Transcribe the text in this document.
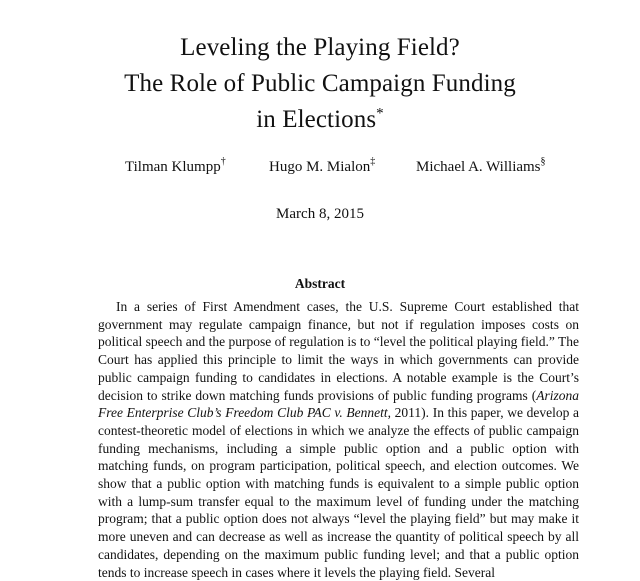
Leveling the Playing Field?
The Role of Public Campaign Funding
in Elections*
Tilman Klumpp†	Hugo M. Mialon‡	Michael A. Williams§
March 8, 2015
Abstract
In a series of First Amendment cases, the U.S. Supreme Court established that government may regulate campaign finance, but not if regulation imposes costs on political speech and the purpose of regulation is to “level the political playing field.” The Court has applied this principle to limit the ways in which governments can provide public campaign funding to candidates in elections. A notable example is the Court’s decision to strike down matching funds provisions of public funding programs (Arizona Free Enterprise Club’s Freedom Club PAC v. Bennett, 2011). In this paper, we develop a contest-theoretic model of elections in which we analyze the effects of public campaign funding mechanisms, including a simple public option and a public option with matching funds, on program participation, political speech, and election outcomes. We show that a public option with matching funds is equivalent to a simple public option with a lump-sum transfer equal to the maximum level of funding under the matching program; that a public option does not always “level the playing field” but may make it more uneven and can decrease as well as increase the quantity of political speech by all candidates, depending on the maximum public funding level; and that a public option tends to increase speech in cases where it levels the playing field. Several
